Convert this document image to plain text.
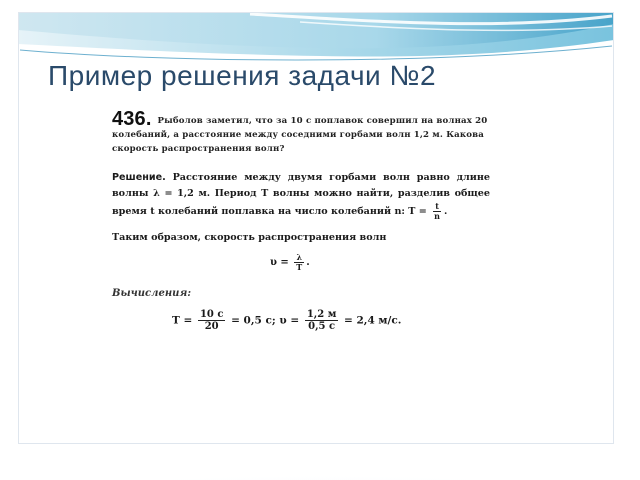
Пример решения задачи №2
436. Рыболов заметил, что за 10 с поплавок совершил на волнах 20 колебаний, а расстояние между соседними горбами волн 1,2 м. Какова скорость распространения волн?
Решение. Расстояние между двумя горбами волн равно длине волны λ = 1,2 м. Период T волны можно найти, разделив общее время t колебаний поплавка на число колебаний n: $T = \frac{t}{n}$ .
Таким образом, скорость распространения волн
$\upsilon = \frac{\lambda}{T}$ .
Вычисления:
$T = \frac{10 с}{20} = 0,5$ с; $\upsilon = \frac{1,2 м}{0,5 с} = 2,4$ м/с.
